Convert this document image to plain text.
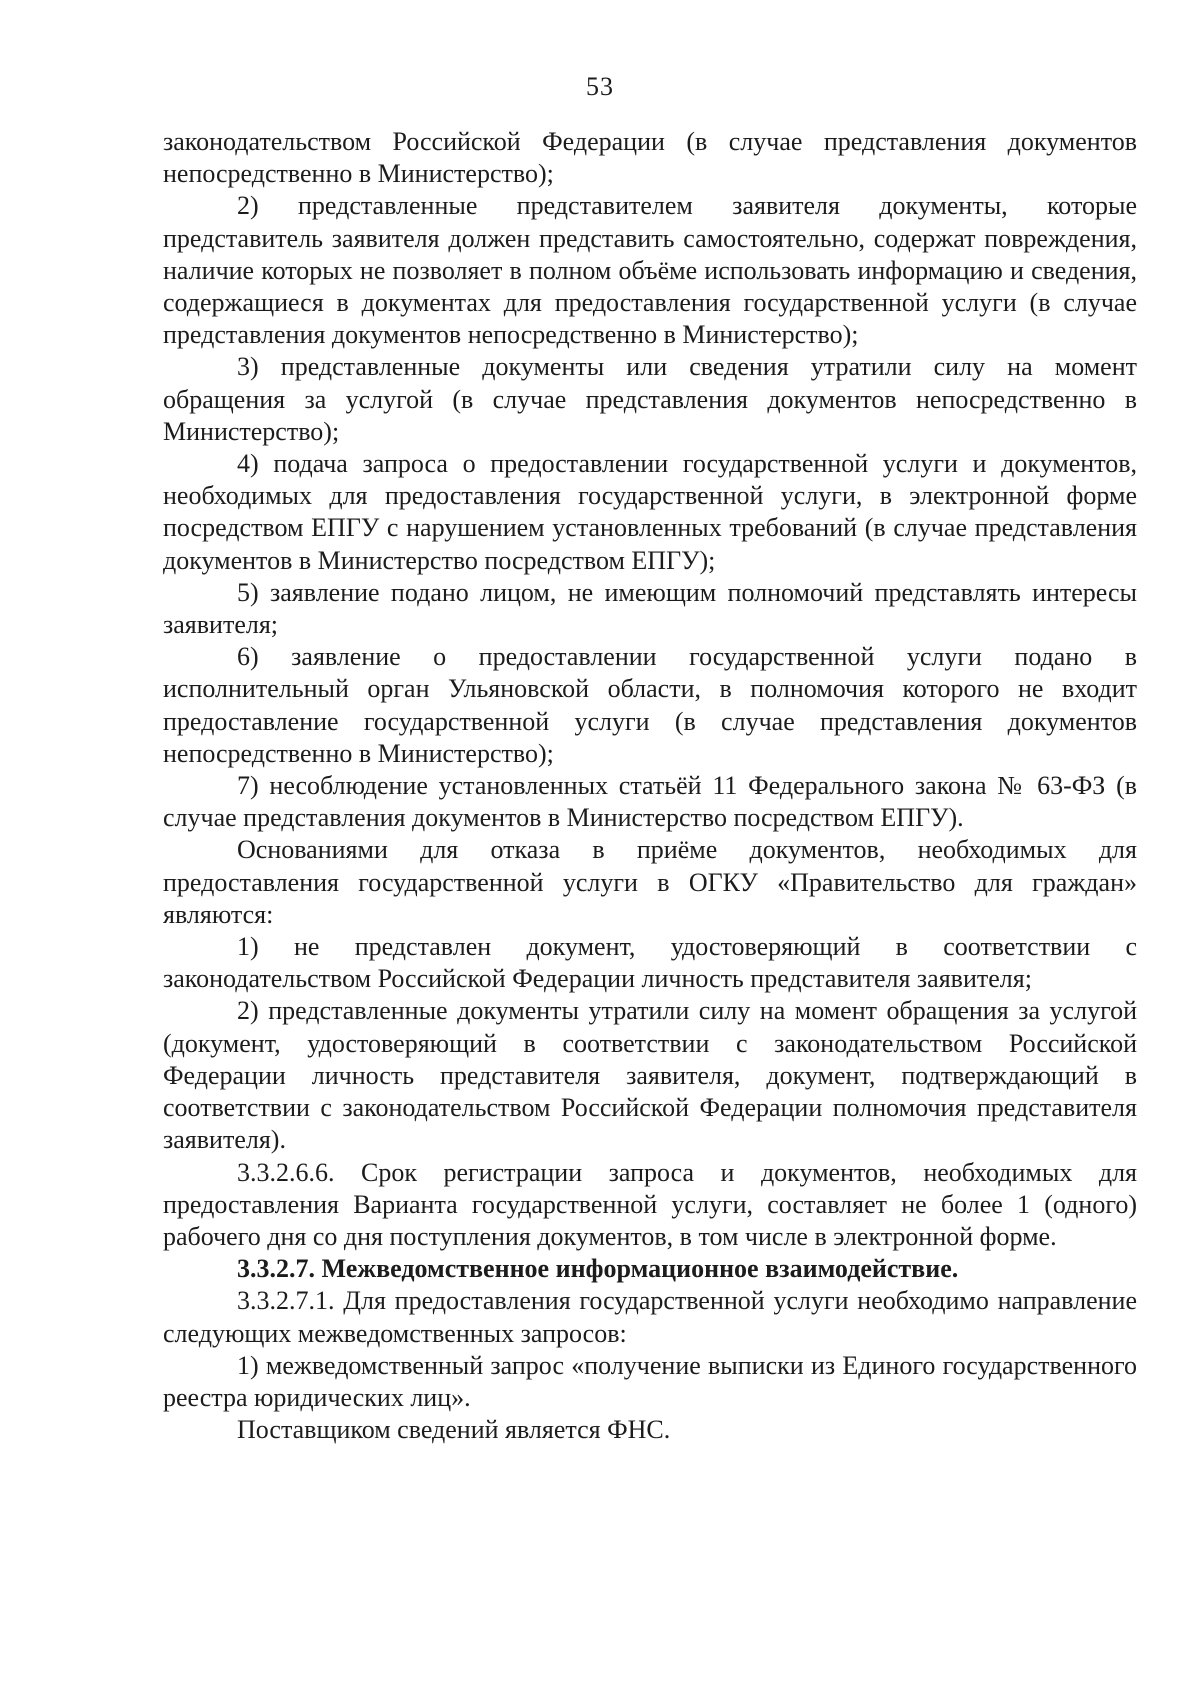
53

законодательством Российской Федерации (в случае представления документов непосредственно в Министерство);

2) представленные представителем заявителя документы, которые представитель заявителя должен представить самостоятельно, содержат повреждения, наличие которых не позволяет в полном объёме использовать информацию и сведения, содержащиеся в документах для предоставления государственной услуги (в случае представления документов непосредственно в Министерство);

3) представленные документы или сведения утратили силу на момент обращения за услугой (в случае представления документов непосредственно в Министерство);

4) подача запроса о предоставлении государственной услуги и документов, необходимых для предоставления государственной услуги, в электронной форме посредством ЕПГУ с нарушением установленных требований (в случае представления документов в Министерство посредством ЕПГУ);

5) заявление подано лицом, не имеющим полномочий представлять интересы заявителя;

6) заявление о предоставлении государственной услуги подано в исполнительный орган Ульяновской области, в полномочия которого не входит предоставление государственной услуги (в случае представления документов непосредственно в Министерство);

7) несоблюдение установленных статьёй 11 Федерального закона № 63-ФЗ (в случае представления документов в Министерство посредством ЕПГУ).

Основаниями для отказа в приёме документов, необходимых для предоставления государственной услуги в ОГКУ «Правительство для граждан» являются:

1) не представлен документ, удостоверяющий в соответствии с законодательством Российской Федерации личность представителя заявителя;

2) представленные документы утратили силу на момент обращения за услугой (документ, удостоверяющий в соответствии с законодательством Российской Федерации личность представителя заявителя, документ, подтверждающий в соответствии с законодательством Российской Федерации полномочия представителя заявителя).

3.3.2.6.6. Срок регистрации запроса и документов, необходимых для предоставления Варианта государственной услуги, составляет не более 1 (одного) рабочего дня со дня поступления документов, в том числе в электронной форме.

3.3.2.7. Межведомственное информационное взаимодействие.

3.3.2.7.1. Для предоставления государственной услуги необходимо направление следующих межведомственных запросов:

1) межведомственный запрос «получение выписки из Единого государственного реестра юридических лиц».

Поставщиком сведений является ФНС.
